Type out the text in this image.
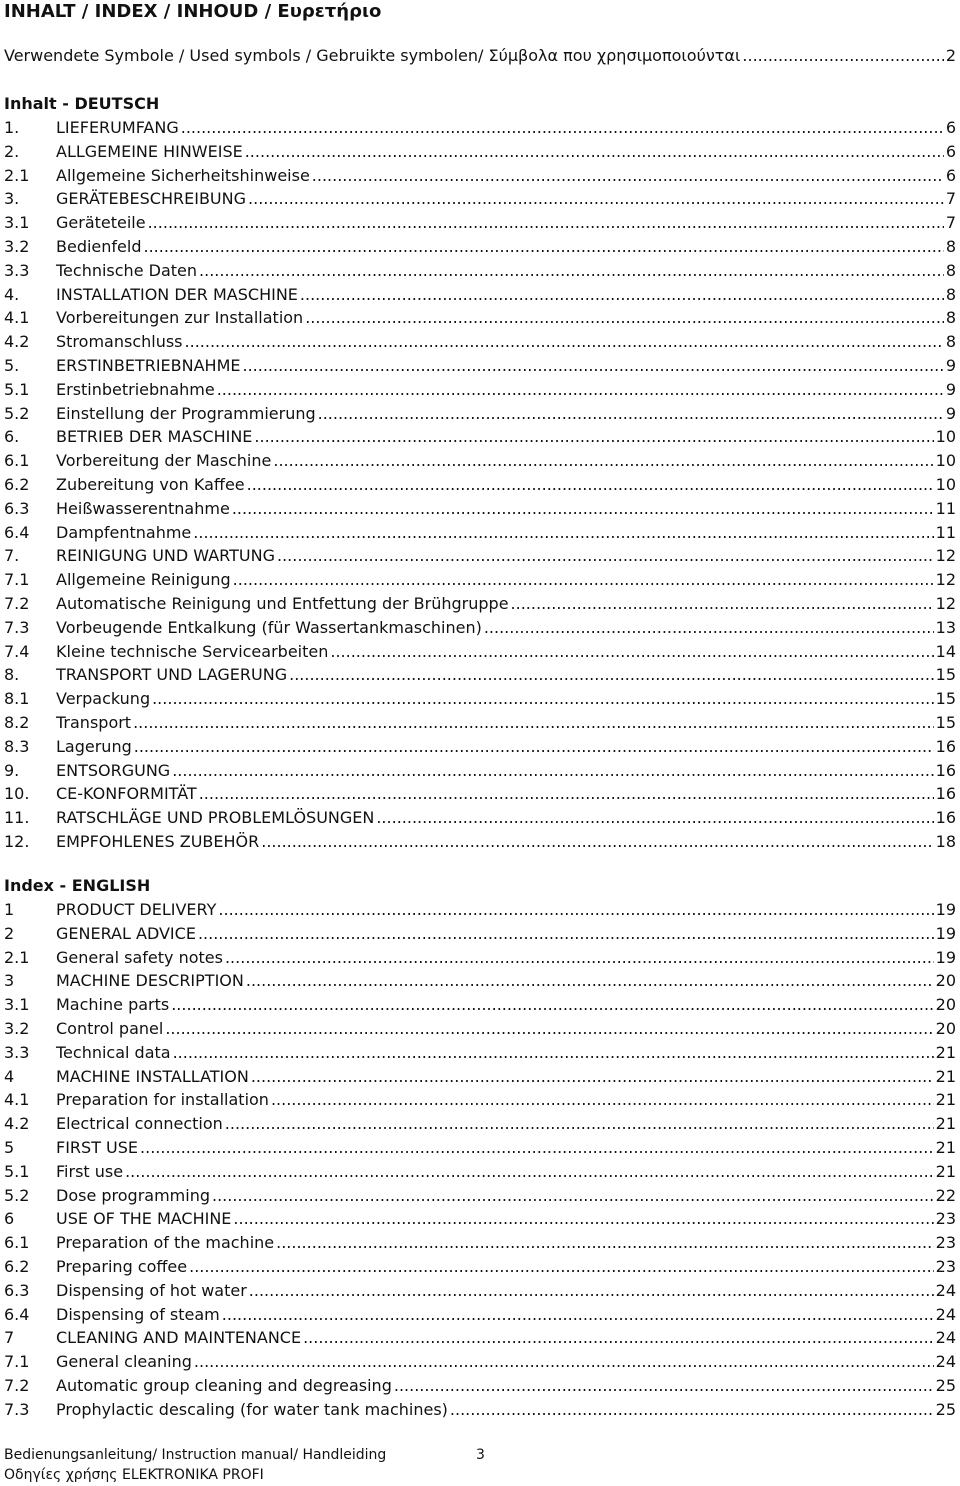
INHALT / INDEX / INHOUD / Ευρετήριο
Verwendete Symbole / Used symbols / Gebruikte symbolen/ Σύμβολα που χρησιμοποιούνται .....	2
Inhalt - DEUTSCH
1.	LIEFERUMFANG .....	6
2.	ALLGEMEINE HINWEISE .....	6
2.1	Allgemeine Sicherheitshinweise .....	6
3.	GERÄTEBESCHREIBUNG .....	7
3.1	Geräteteile .....	7
3.2	Bedienfeld .....	8
3.3	Technische Daten .....	8
4.	INSTALLATION DER MASCHINE .....	8
4.1	Vorbereitungen zur Installation .....	8
4.2	Stromanschluss .....	8
5.	ERSTINBETRIEBNAHME .....	9
5.1	Erstinbetriebnahme .....	9
5.2	Einstellung der Programmierung .....	9
6.	BETRIEB DER MASCHINE .....	10
6.1	Vorbereitung der Maschine .....	10
6.2	Zubereitung von Kaffee .....	10
6.3	Heißwasserentnahme .....	11
6.4	Dampfentnahme .....	11
7.	REINIGUNG UND WARTUNG .....	12
7.1	Allgemeine Reinigung .....	12
7.2	Automatische Reinigung und Entfettung der Brühgruppe .....	12
7.3	Vorbeugende Entkalkung (für Wassertankmaschinen) .....	13
7.4	Kleine technische Servicearbeiten .....	14
8.	TRANSPORT UND LAGERUNG .....	15
8.1	Verpackung .....	15
8.2	Transport .....	15
8.3	Lagerung .....	16
9.	ENTSORGUNG .....	16
10.	CE-KONFORMITÄT .....	16
11.	RATSCHLÄGE UND PROBLEMLÖSUNGEN .....	16
12.	EMPFOHLENES ZUBEHÖR .....	18
Index - ENGLISH
1	PRODUCT DELIVERY .....	19
2	GENERAL ADVICE .....	19
2.1	General safety notes .....	19
3	MACHINE DESCRIPTION .....	20
3.1	Machine parts .....	20
3.2	Control panel .....	20
3.3	Technical data .....	21
4	MACHINE INSTALLATION .....	21
4.1	Preparation for installation .....	21
4.2	Electrical connection .....	21
5	FIRST USE .....	21
5.1	First use .....	21
5.2	Dose programming .....	22
6	USE OF THE MACHINE .....	23
6.1	Preparation of the machine .....	23
6.2	Preparing coffee .....	23
6.3	Dispensing of hot water .....	24
6.4	Dispensing of steam .....	24
7	CLEANING AND MAINTENANCE .....	24
7.1	General cleaning .....	24
7.2	Automatic group cleaning and degreasing .....	25
7.3	Prophylactic descaling (for water tank machines) .....	25
Bedienungsanleitung/ Instruction manual/ Handleiding	3
Οδηγίες χρήσης ELEKTRONIKA PROFI
